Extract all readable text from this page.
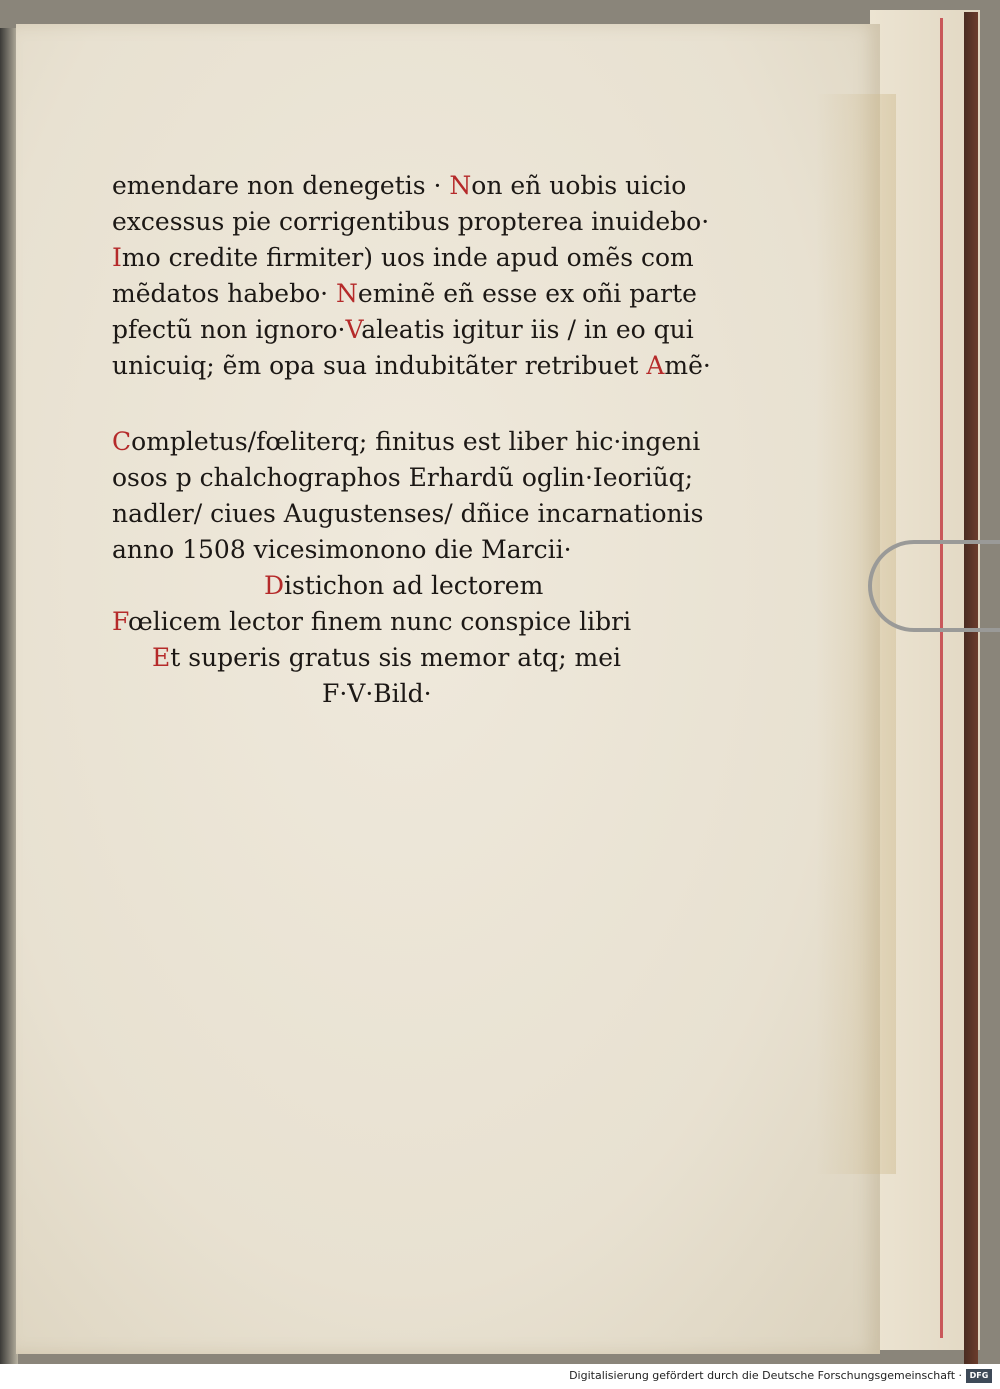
emendare non denegetis · Non eñ uobis uicio
excessus pie corrigentibus propterea inuidebo·
Imo credite firmiter) uos inde apud omẽs com
mẽdatos habebo· Neminẽ eñ esse ex oñi parte
pfectũ non ignoro·Valeatis igitur iis / in eo qui
unicuiq; ẽm opa sua indubitãter retribuet Amẽ·
Completus/fœliterq; finitus est liber hic·ingeni
osos p chalchographos Erhardũ oglin·Ieoriũq;
nadler/ ciues Augustenses/ dñice incarnationis
anno 1508 vicesimonono die Marcii·
Distichon ad lectorem
Fœlicem lector finem nunc conspice libri
Et superis gratus sis memor atq; mei
F·V·Bild·
Digitalisierung gefördert durch die Deutsche Forschungsgemeinschaft · DFG
